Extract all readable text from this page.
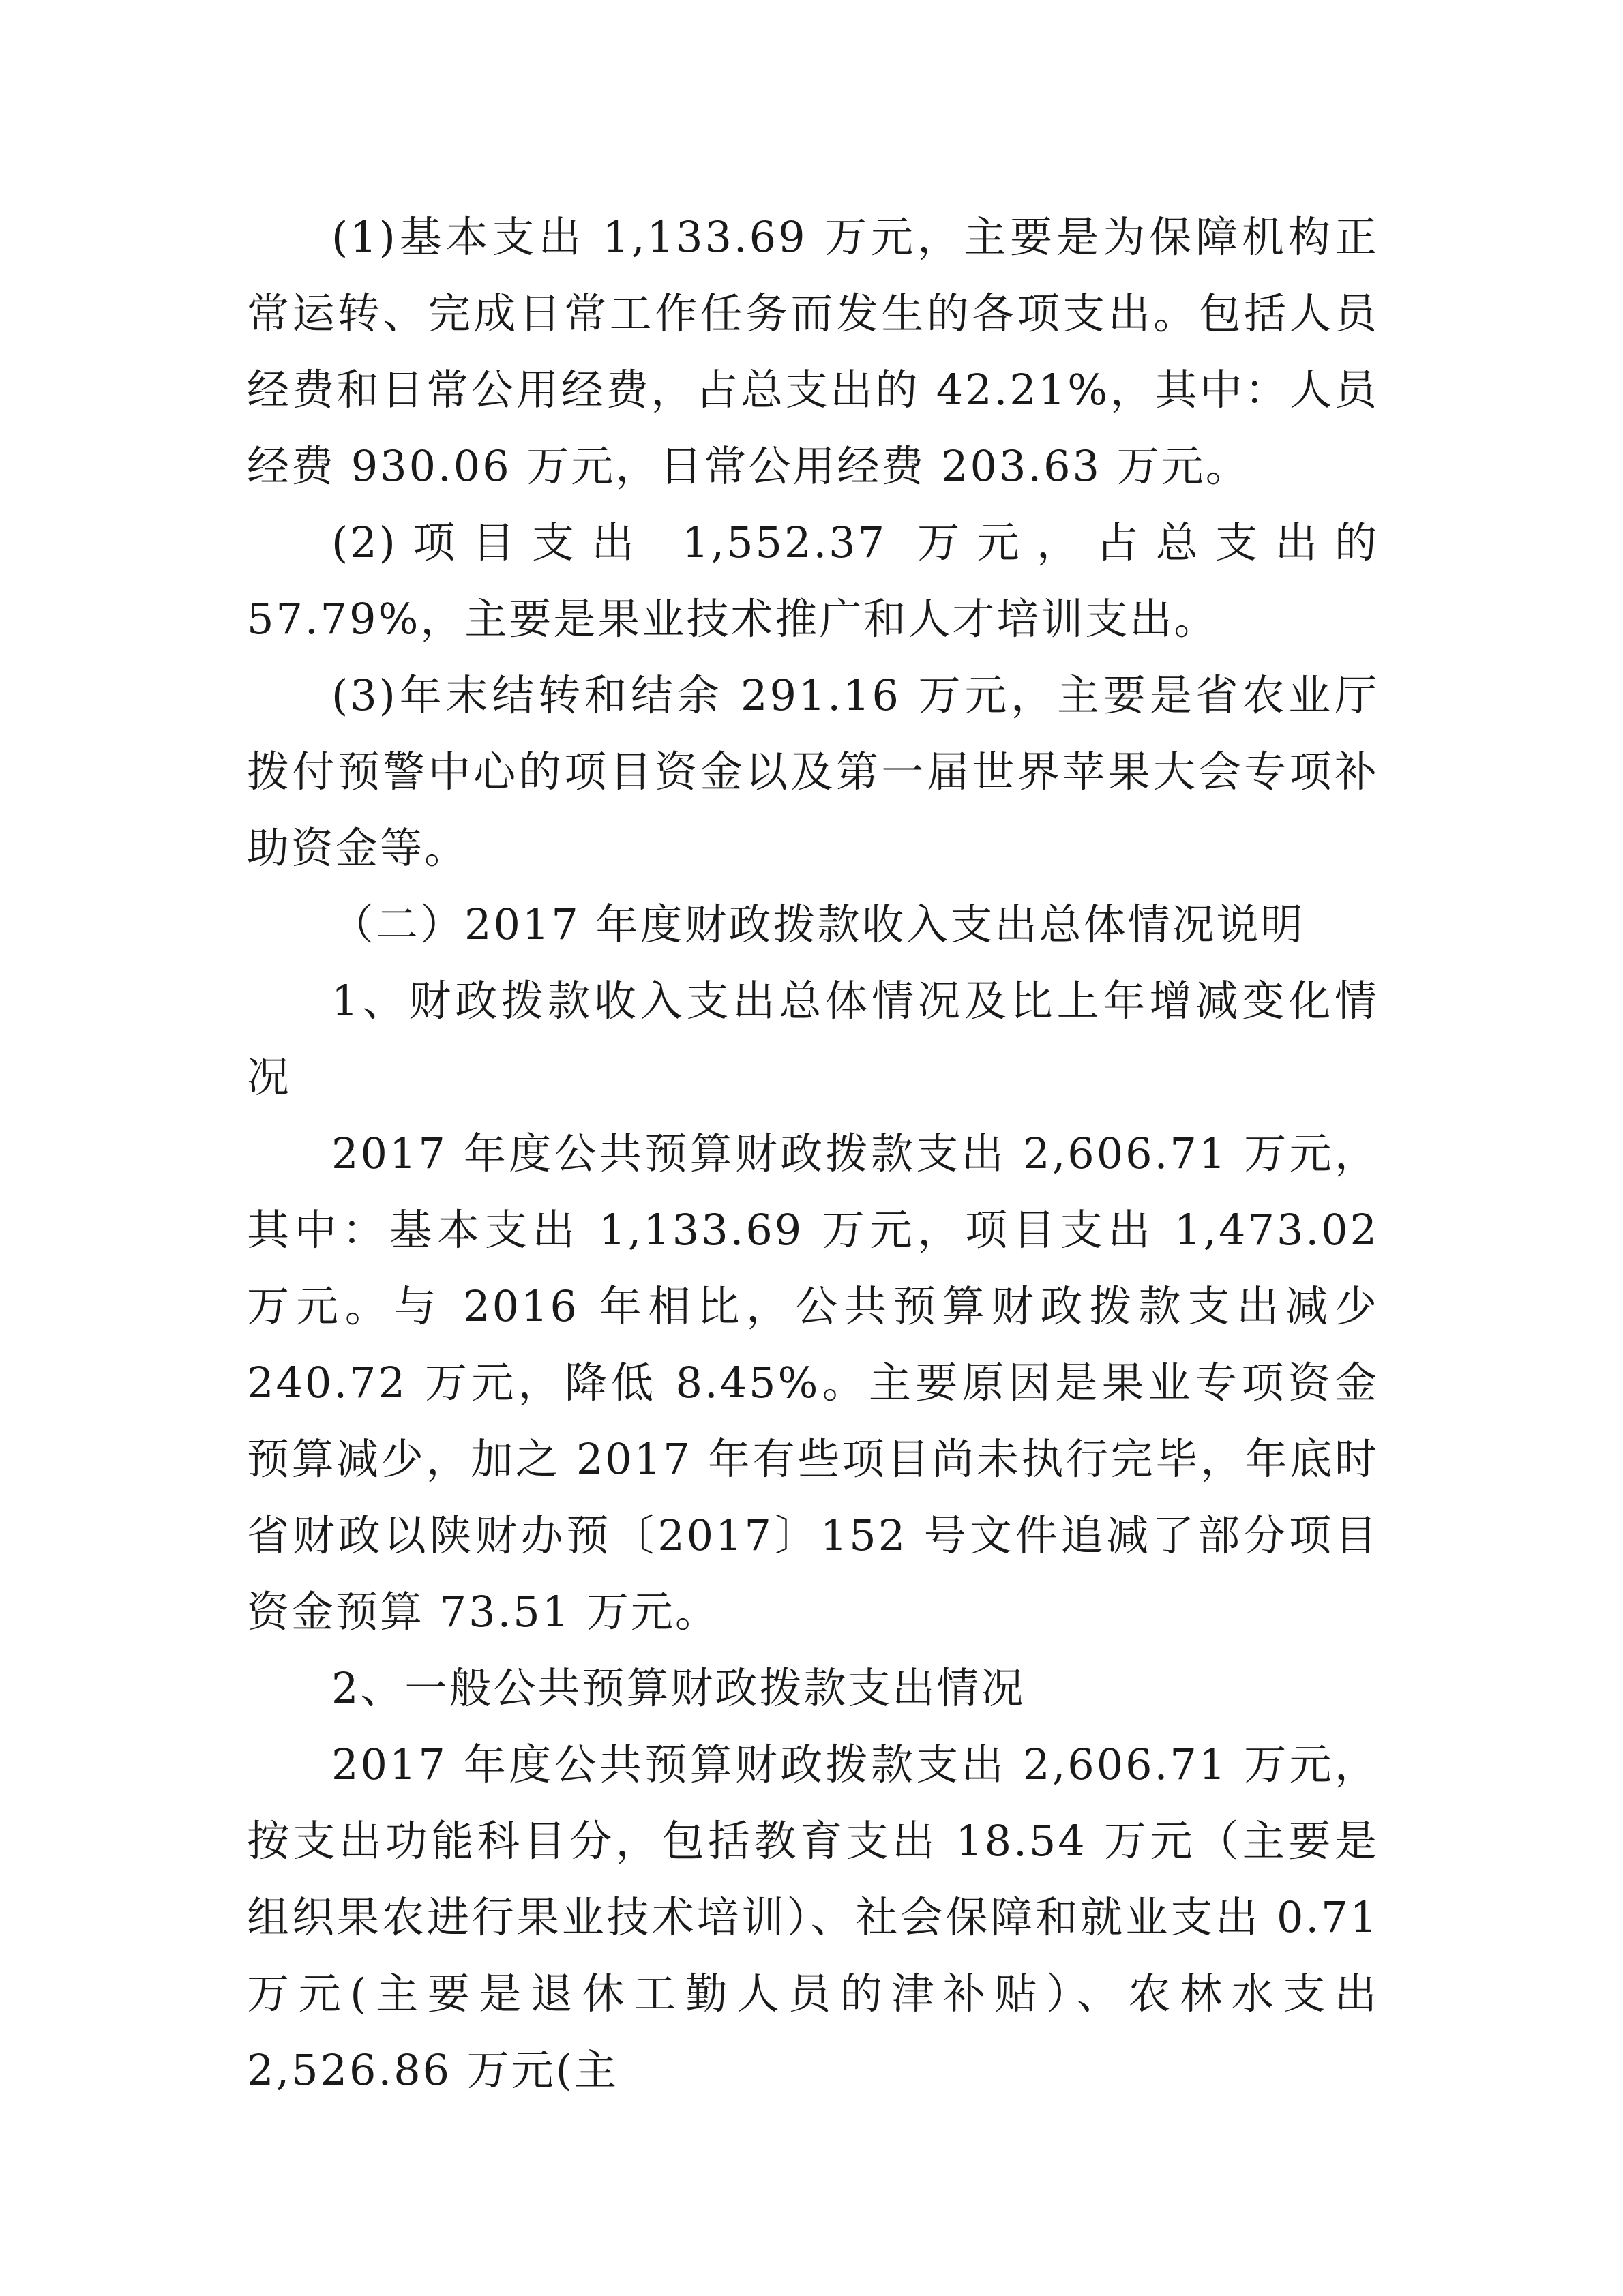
(1)基本支出 1,133.69 万元，主要是为保障机构正常运转、完成日常工作任务而发生的各项支出。包括人员经费和日常公用经费，占总支出的 42.21%，其中：人员经费 930.06 万元，日常公用经费 203.63 万元。

(2)项目支出 1,552.37 万元，占总支出的 57.79%，主要是果业技术推广和人才培训支出。

(3)年末结转和结余 291.16 万元，主要是省农业厅拨付预警中心的项目资金以及第一届世界苹果大会专项补助资金等。

（二）2017 年度财政拨款收入支出总体情况说明

1、财政拨款收入支出总体情况及比上年增减变化情况

2017 年度公共预算财政拨款支出 2,606.71 万元，其中：基本支出 1,133.69 万元，项目支出 1,473.02 万元。与 2016 年相比，公共预算财政拨款支出减少 240.72 万元，降低 8.45%。主要原因是果业专项资金预算减少，加之 2017 年有些项目尚未执行完毕，年底时省财政以陕财办预〔2017〕152 号文件追减了部分项目资金预算 73.51 万元。

2、一般公共预算财政拨款支出情况

2017 年度公共预算财政拨款支出 2,606.71 万元，按支出功能科目分，包括教育支出 18.54 万元（主要是组织果农进行果业技术培训）、社会保障和就业支出 0.71 万元(主要是退休工勤人员的津补贴）、农林水支出 2,526.86 万元(主
